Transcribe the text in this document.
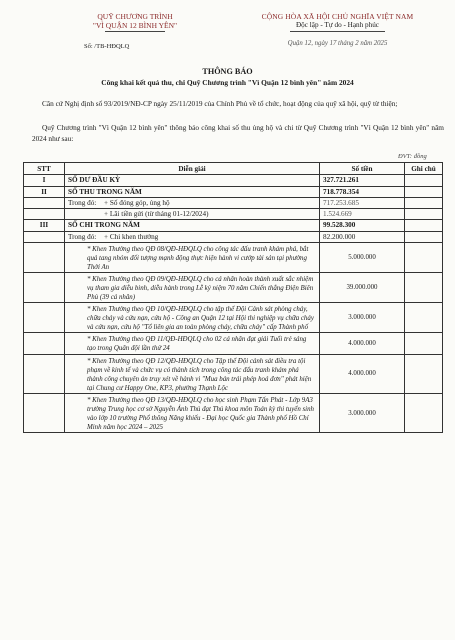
QUỸ CHƯƠNG TRÌNH
"VÌ QUẬN 12 BÌNH YÊN"
Số: /TB-HĐQLQ
CỘNG HÒA XÃ HỘI CHỦ NGHĨA VIỆT NAM
Độc lập - Tự do - Hạnh phúc
Quận 12, ngày 17 tháng 2 năm 2025
THÔNG BÁO
Công khai kết quả thu, chi Quỹ Chương trình "Vì Quận 12 bình yên" năm 2024
Căn cứ Nghị định số 93/2019/NĐ-CP ngày 25/11/2019 của Chính Phủ về tổ chức, hoạt động của quỹ xã hội, quỹ từ thiện;
Quỹ Chương trình "Vì Quận 12 bình yên" thông báo công khai số thu ủng hộ và chi từ Quỹ Chương trình "Vì Quận 12 bình yên" năm 2024 như sau:
ĐVT: đồng
STT	Diễn giải	Số tiền	Ghi chú
I	SỐ DƯ ĐẦU KỲ	327.721.261	
II	SỐ THU TRONG NĂM	718.778.354	

	Trong đó: + Số đóng góp, ủng hộ	717.253.685	

	+ Lãi tiền gửi (từ tháng 01-12/2024)	1.524.669	
III	SỐ CHI TRONG NĂM	99.528.300	

	Trong đó: + Chi khen thưởng	82.200.000	
	* Khen Thưởng theo QĐ 08/QĐ-HĐQLQ cho công tác đấu tranh khám phá, bắt quả tang nhóm đối tượng mạnh động thực hiện hành vi cướp tài sản tại phường Thới An	5.000.000	
	* Khen Thưởng theo QĐ 09/QĐ-HĐQLQ cho cá nhân hoàn thành xuất sắc nhiệm vụ tham gia diễu binh, diễu hành trong Lễ kỷ niệm 70 năm Chiến thắng Điện Biên Phủ (39 cá nhân)	39.000.000	
	* Khen Thưởng theo QĐ 10/QĐ-HĐQLQ cho tập thể Đội Cảnh sát phòng cháy, chữa cháy và cứu nạn, cứu hộ - Công an Quận 12 tại Hội thi nghiệp vụ chữa cháy và cứu nạn, cứu hộ "Tổ liên gia an toàn phòng cháy, chữa cháy" cấp Thành phố	3.000.000	
	* Khen Thưởng theo QĐ 11/QĐ-HĐQLQ cho 02 cá nhân đạt giải Tuổi trẻ sáng tạo trong Quân đội lần thứ 24	4.000.000	
	* Khen Thưởng theo QĐ 12/QĐ-HĐQLQ cho Tập thể Đội cảnh sát điều tra tội phạm về kinh tế và chức vụ có thành tích trong công tác đấu tranh khám phá thành công chuyên án truy xét về hành vi "Mua bán trái phép hoá đơn" phát hiện tại Chung cư Happy One, KP3, phường Thạnh Lộc	4.000.000	
	* Khen Thưởng theo QĐ 13/QĐ-HĐQLQ cho học sinh Phạm Tấn Phát - Lớp 9A3 trường Trung học cơ sở Nguyễn Ảnh Thủ đạt Thủ khoa môn Toán kỳ thi tuyển sinh vào lớp 10 trường Phổ thông Năng khiếu - Đại học Quốc gia Thành phố Hồ Chí Minh năm học 2024 – 2025	3.000.000	
